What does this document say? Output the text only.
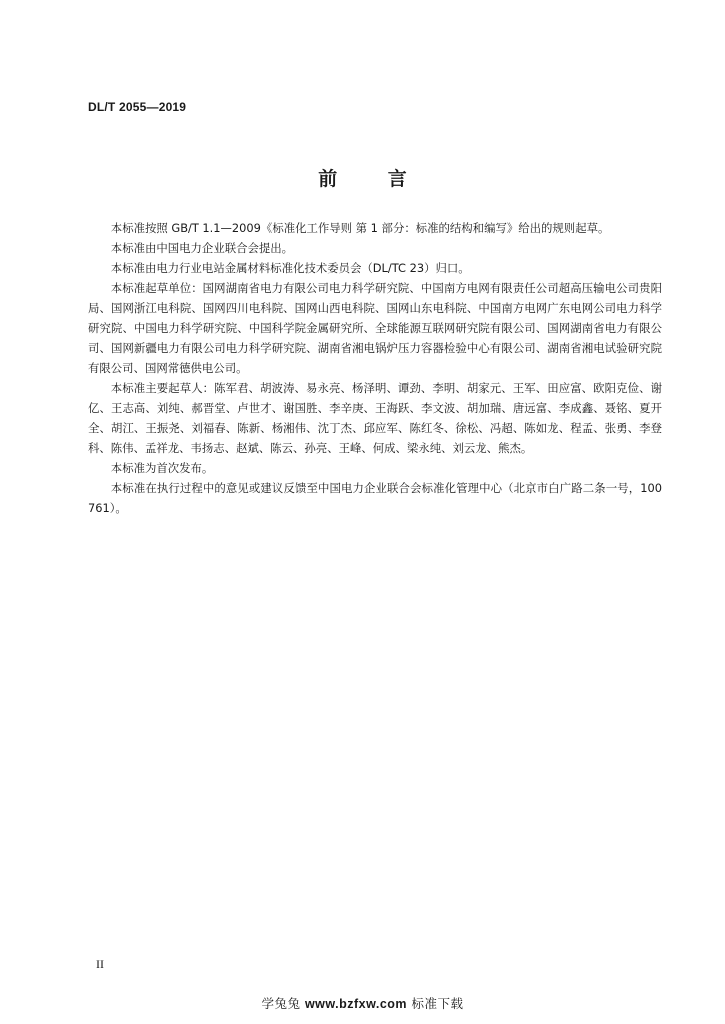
DL/T 2055—2019
前 言

本标准按照 GB/T 1.1—2009《标准化工作导则 第 1 部分：标准的结构和编写》给出的规则起草。

本标准由中国电力企业联合会提出。

本标准由电力行业电站金属材料标准化技术委员会（DL/TC 23）归口。

本标准起草单位：国网湖南省电力有限公司电力科学研究院、中国南方电网有限责任公司超高压输电公司贵阳局、国网浙江电科院、国网四川电科院、国网山西电科院、国网山东电科院、中国南方电网广东电网公司电力科学研究院、中国电力科学研究院、中国科学院金属研究所、全球能源互联网研究院有限公司、国网湖南省电力有限公司、国网新疆电力有限公司电力科学研究院、湖南省湘电锅炉压力容器检验中心有限公司、湖南省湘电试验研究院有限公司、国网常德供电公司。

本标准主要起草人：陈军君、胡波涛、易永亮、杨泽明、谭劲、李明、胡家元、王军、田应富、欧阳克俭、谢亿、王志高、刘纯、郝晋堂、卢世才、谢国胜、李辛庚、王海跃、李文波、胡加瑞、唐远富、李成鑫、聂铭、夏开全、胡江、王振尧、刘福春、陈新、杨湘伟、沈丁杰、邱应军、陈红冬、徐松、冯超、陈如龙、程孟、张勇、李登科、陈伟、孟祥龙、韦扬志、赵斌、陈云、孙亮、王峰、何成、梁永纯、刘云龙、熊杰。

本标准为首次发布。

本标准在执行过程中的意见或建议反馈至中国电力企业联合会标准化管理中心（北京市白广路二条一号，100761）。

II
学兔兔 www.bzfxw.com 标准下载
